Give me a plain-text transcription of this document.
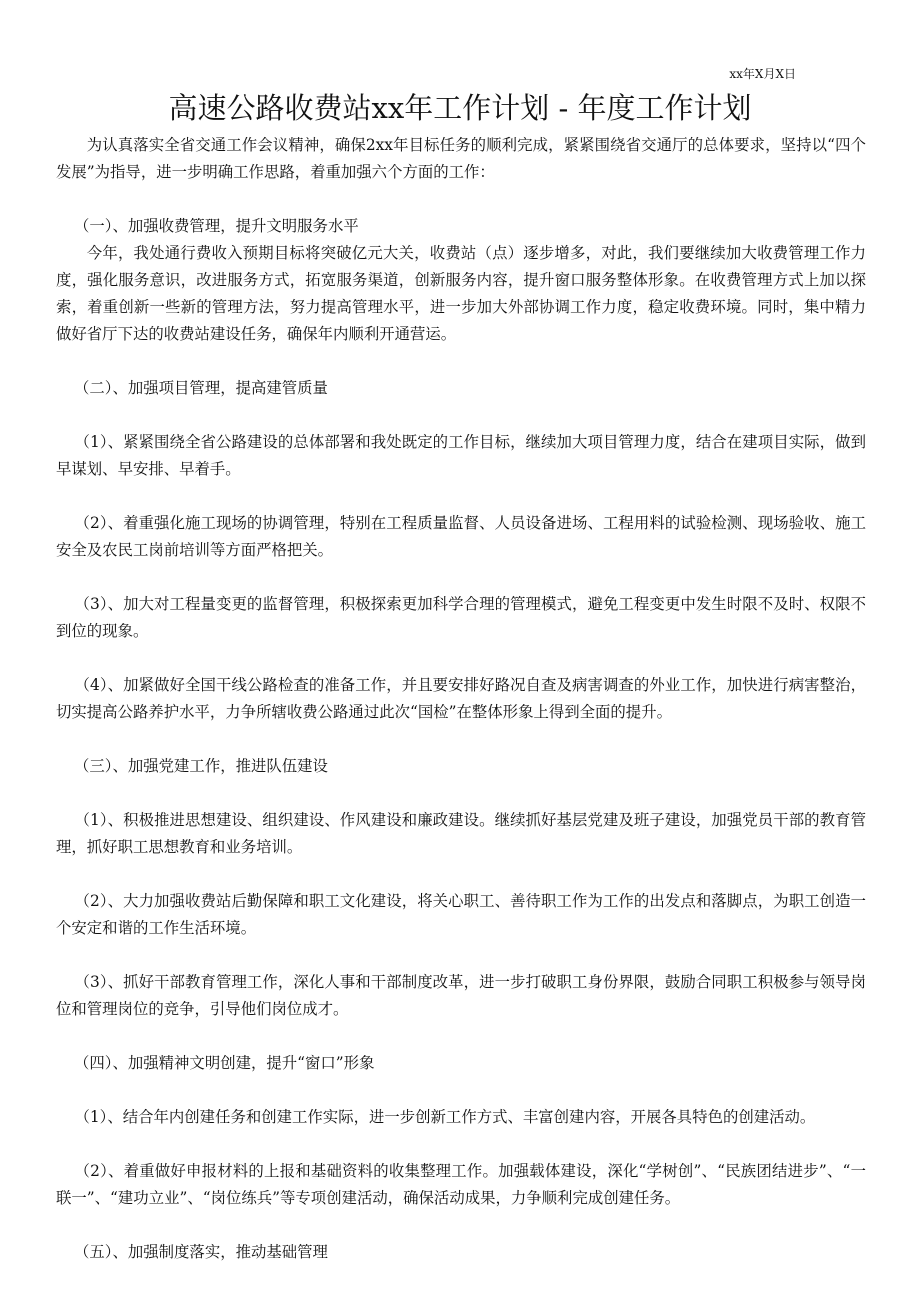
xx年X月X日
高速公路收费站xx年工作计划 - 年度工作计划

为认真落实全省交通工作会议精神，确保2xx年目标任务的顺利完成，紧紧围绕省交通厅的总体要求，坚持以“四个发展”为指导，进一步明确工作思路，着重加强六个方面的工作：

（一）、加强收费管理，提升文明服务水平

今年，我处通行费收入预期目标将突破亿元大关，收费站（点）逐步增多，对此，我们要继续加大收费管理工作力度，强化服务意识，改进服务方式，拓宽服务渠道，创新服务内容，提升窗口服务整体形象。在收费管理方式上加以探索，着重创新一些新的管理方法，努力提高管理水平，进一步加大外部协调工作力度，稳定收费环境。同时，集中精力做好省厅下达的收费站建设任务，确保年内顺利开通营运。

（二）、加强项目管理，提高建管质量

（1）、紧紧围绕全省公路建设的总体部署和我处既定的工作目标，继续加大项目管理力度，结合在建项目实际，做到早谋划、早安排、早着手。

（2）、着重强化施工现场的协调管理，特别在工程质量监督、人员设备进场、工程用料的试验检测、现场验收、施工安全及农民工岗前培训等方面严格把关。

（3）、加大对工程量变更的监督管理，积极探索更加科学合理的管理模式，避免工程变更中发生时限不及时、权限不到位的现象。

（4）、加紧做好全国干线公路检查的准备工作，并且要安排好路况自查及病害调查的外业工作，加快进行病害整治，切实提高公路养护水平，力争所辖收费公路通过此次“国检”在整体形象上得到全面的提升。

（三）、加强党建工作，推进队伍建设

（1）、积极推进思想建设、组织建设、作风建设和廉政建设。继续抓好基层党建及班子建设，加强党员干部的教育管理，抓好职工思想教育和业务培训。

（2）、大力加强收费站后勤保障和职工文化建设，将关心职工、善待职工作为工作的出发点和落脚点，为职工创造一个安定和谐的工作生活环境。

（3）、抓好干部教育管理工作，深化人事和干部制度改革，进一步打破职工身份界限，鼓励合同职工积极参与领导岗位和管理岗位的竞争，引导他们岗位成才。

（四）、加强精神文明创建，提升“窗口”形象

（1）、结合年内创建任务和创建工作实际，进一步创新工作方式、丰富创建内容，开展各具特色的创建活动。

（2）、着重做好申报材料的上报和基础资料的收集整理工作。加强载体建设，深化“学树创”、“民族团结进步”、“一联一”、“建功立业”、“岗位练兵”等专项创建活动，确保活动成果，力争顺利完成创建任务。

（五）、加强制度落实，推动基础管理
